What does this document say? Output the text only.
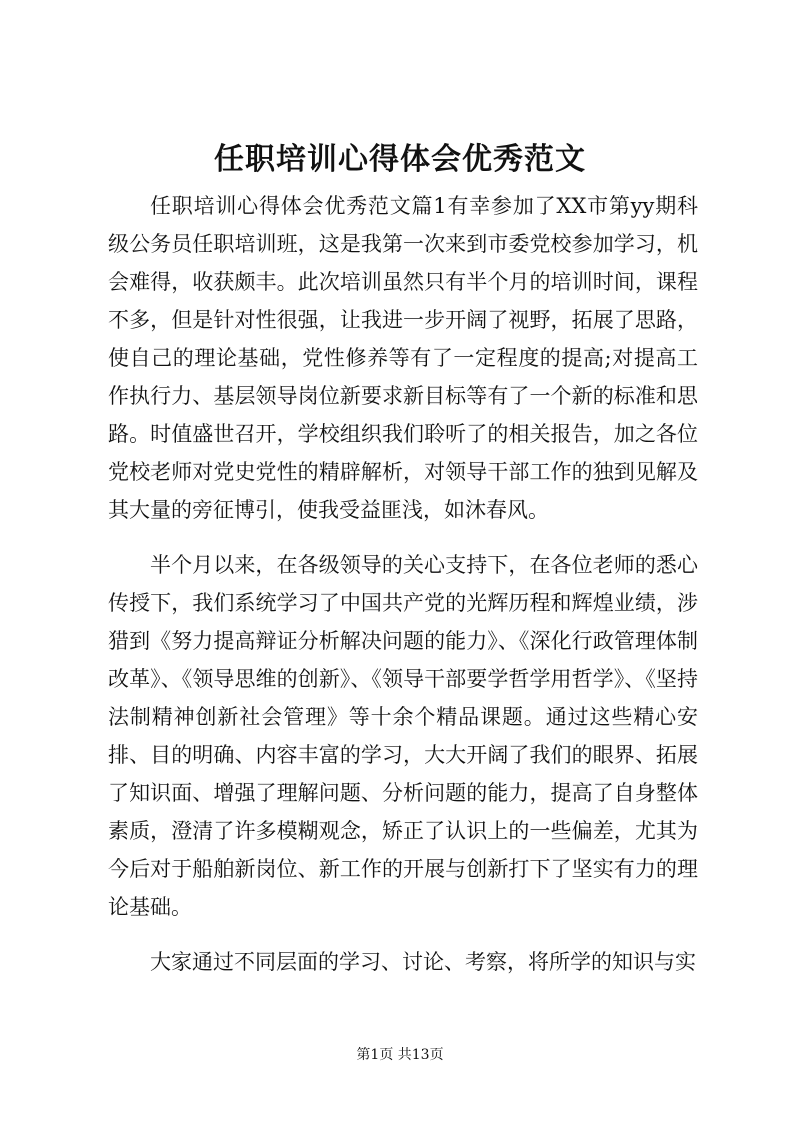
任职培训心得体会优秀范文

任职培训心得体会优秀范文篇1有幸参加了XX市第yy期科级公务员任职培训班，这是我第一次来到市委党校参加学习，机会难得，收获颇丰。此次培训虽然只有半个月的培训时间，课程不多，但是针对性很强，让我进一步开阔了视野，拓展了思路，使自己的理论基础，党性修养等有了一定程度的提高;对提高工作执行力、基层领导岗位新要求新目标等有了一个新的标准和思路。时值盛世召开，学校组织我们聆听了的相关报告，加之各位党校老师对党史党性的精辟解析，对领导干部工作的独到见解及其大量的旁征博引，使我受益匪浅，如沐春风。

半个月以来，在各级领导的关心支持下，在各位老师的悉心传授下，我们系统学习了中国共产党的光辉历程和辉煌业绩，涉猎到《努力提高辩证分析解决问题的能力》、《深化行政管理体制改革》、《领导思维的创新》、《领导干部要学哲学用哲学》、《坚持法制精神创新社会管理》等十余个精品课题。通过这些精心安排、目的明确、内容丰富的学习，大大开阔了我们的眼界、拓展了知识面、增强了理解问题、分析问题的能力，提高了自身整体素质，澄清了许多模糊观念，矫正了认识上的一些偏差，尤其为今后对于船舶新岗位、新工作的开展与创新打下了坚实有力的理论基础。

大家通过不同层面的学习、讨论、考察，将所学的知识与实

第1页 共13页
